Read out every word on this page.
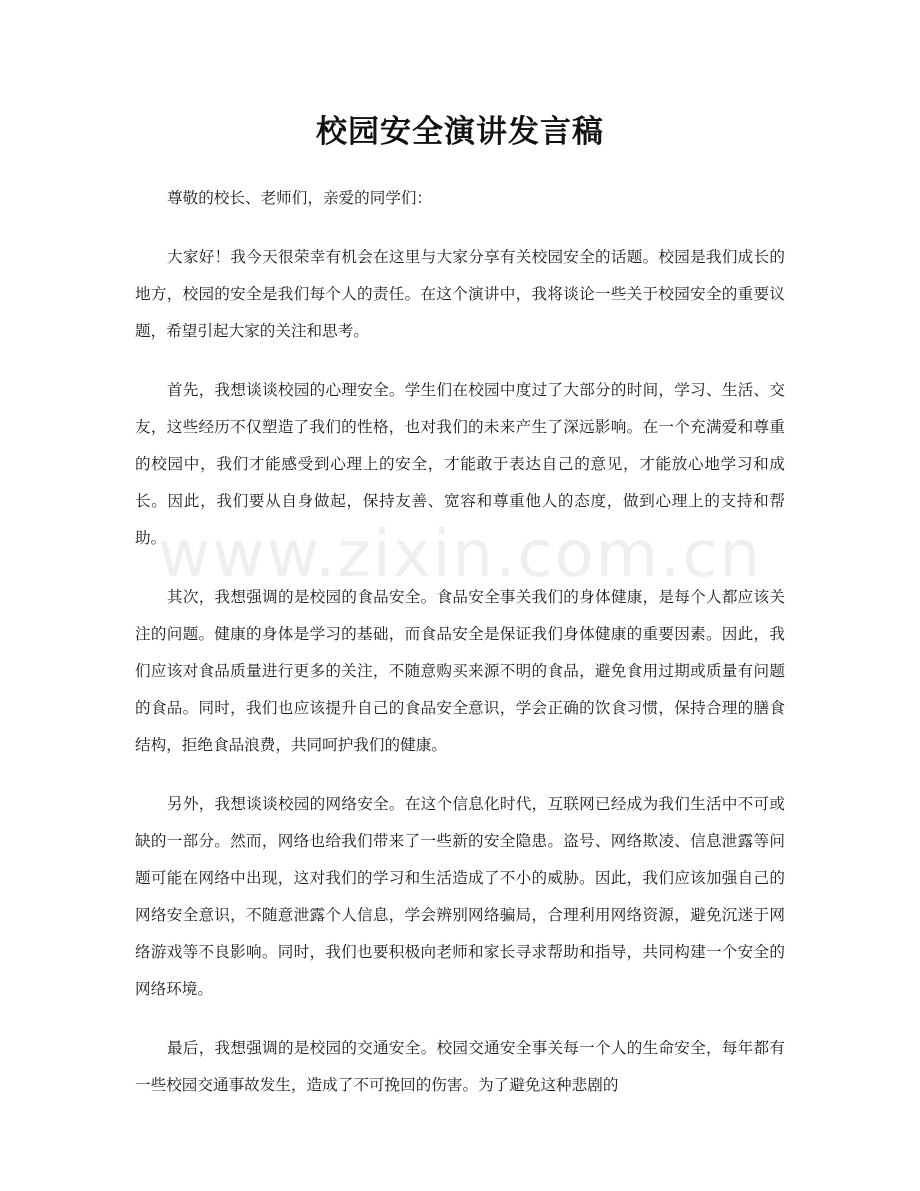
www.zixin.com.cn
校园安全演讲发言稿

尊敬的校长、老师们，亲爱的同学们：

大家好！我今天很荣幸有机会在这里与大家分享有关校园安全的话题。校园是我们成长的地方，校园的安全是我们每个人的责任。在这个演讲中，我将谈论一些关于校园安全的重要议题，希望引起大家的关注和思考。

首先，我想谈谈校园的心理安全。学生们在校园中度过了大部分的时间，学习、生活、交友，这些经历不仅塑造了我们的性格，也对我们的未来产生了深远影响。在一个充满爱和尊重的校园中，我们才能感受到心理上的安全，才能敢于表达自己的意见，才能放心地学习和成长。因此，我们要从自身做起，保持友善、宽容和尊重他人的态度，做到心理上的支持和帮助。

其次，我想强调的是校园的食品安全。食品安全事关我们的身体健康，是每个人都应该关注的问题。健康的身体是学习的基础，而食品安全是保证我们身体健康的重要因素。因此，我们应该对食品质量进行更多的关注，不随意购买来源不明的食品，避免食用过期或质量有问题的食品。同时，我们也应该提升自己的食品安全意识，学会正确的饮食习惯，保持合理的膳食结构，拒绝食品浪费，共同呵护我们的健康。

另外，我想谈谈校园的网络安全。在这个信息化时代，互联网已经成为我们生活中不可或缺的一部分。然而，网络也给我们带来了一些新的安全隐患。盗号、网络欺凌、信息泄露等问题可能在网络中出现，这对我们的学习和生活造成了不小的威胁。因此，我们应该加强自己的网络安全意识，不随意泄露个人信息，学会辨别网络骗局，合理利用网络资源，避免沉迷于网络游戏等不良影响。同时，我们也要积极向老师和家长寻求帮助和指导，共同构建一个安全的网络环境。

最后，我想强调的是校园的交通安全。校园交通安全事关每一个人的生命安全，每年都有一些校园交通事故发生，造成了不可挽回的伤害。为了避免这种悲剧的
